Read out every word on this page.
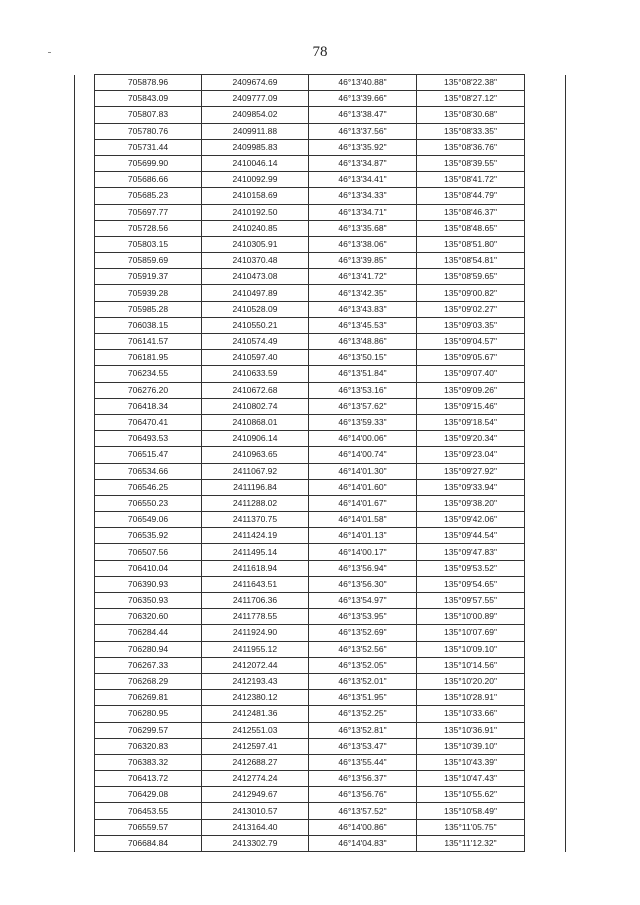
78
	705878.96	2409674.69	46°13'40.88"	135°08'22.38"	
	705843.09	2409777.09	46°13'39.66"	135°08'27.12"	
	705807.83	2409854.02	46°13'38.47"	135°08'30.68"	
	705780.76	2409911.88	46°13'37.56"	135°08'33.35"	
	705731.44	2409985.83	46°13'35.92"	135°08'36.76"	
	705699.90	2410046.14	46°13'34.87"	135°08'39.55"	
	705686.66	2410092.99	46°13'34.41"	135°08'41.72"	
	705685.23	2410158.69	46°13'34.33"	135°08'44.79"	
	705697.77	2410192.50	46°13'34.71"	135°08'46.37"	
	705728.56	2410240.85	46°13'35.68"	135°08'48.65"	
	705803.15	2410305.91	46°13'38.06"	135°08'51.80"	
	705859.69	2410370.48	46°13'39.85"	135°08'54.81"	
	705919.37	2410473.08	46°13'41.72"	135°08'59.65"	
	705939.28	2410497.89	46°13'42.35"	135°09'00.82"	
	705985.28	2410528.09	46°13'43.83"	135°09'02.27"	
	706038.15	2410550.21	46°13'45.53"	135°09'03.35"	
	706141.57	2410574.49	46°13'48.86"	135°09'04.57"	
	706181.95	2410597.40	46°13'50.15"	135°09'05.67"	
	706234.55	2410633.59	46°13'51.84"	135°09'07.40"	
	706276.20	2410672.68	46°13'53.16"	135°09'09.26"	
	706418.34	2410802.74	46°13'57.62"	135°09'15.46"	
	706470.41	2410868.01	46°13'59.33"	135°09'18.54"	
	706493.53	2410906.14	46°14'00.06"	135°09'20.34"	
	706515.47	2410963.65	46°14'00.74"	135°09'23.04"	
	706534.66	2411067.92	46°14'01.30"	135°09'27.92"	
	706546.25	2411196.84	46°14'01.60"	135°09'33.94"	
	706550.23	2411288.02	46°14'01.67"	135°09'38.20"	
	706549.06	2411370.75	46°14'01.58"	135°09'42.06"	
	706535.92	2411424.19	46°14'01.13"	135°09'44.54"	
	706507.56	2411495.14	46°14'00.17"	135°09'47.83"	
	706410.04	2411618.94	46°13'56.94"	135°09'53.52"	
	706390.93	2411643.51	46°13'56.30"	135°09'54.65"	
	706350.93	2411706.36	46°13'54.97"	135°09'57.55"	
	706320.60	2411778.55	46°13'53.95"	135°10'00.89"	
	706284.44	2411924.90	46°13'52.69"	135°10'07.69"	
	706280.94	2411955.12	46°13'52.56"	135°10'09.10"	
	706267.33	2412072.44	46°13'52.05"	135°10'14.56"	
	706268.29	2412193.43	46°13'52.01"	135°10'20.20"	
	706269.81	2412380.12	46°13'51.95"	135°10'28.91"	
	706280.95	2412481.36	46°13'52.25"	135°10'33.66"	
	706299.57	2412551.03	46°13'52.81"	135°10'36.91"	
	706320.83	2412597.41	46°13'53.47"	135°10'39.10"	
	706383.32	2412688.27	46°13'55.44"	135°10'43.39"	
	706413.72	2412774.24	46°13'56.37"	135°10'47.43"	
	706429.08	2412949.67	46°13'56.76"	135°10'55.62"	
	706453.55	2413010.57	46°13'57.52"	135°10'58.49"	
	706559.57	2413164.40	46°14'00.86"	135°11'05.75"	
	706684.84	2413302.79	46°14'04.83"	135°11'12.32"	
